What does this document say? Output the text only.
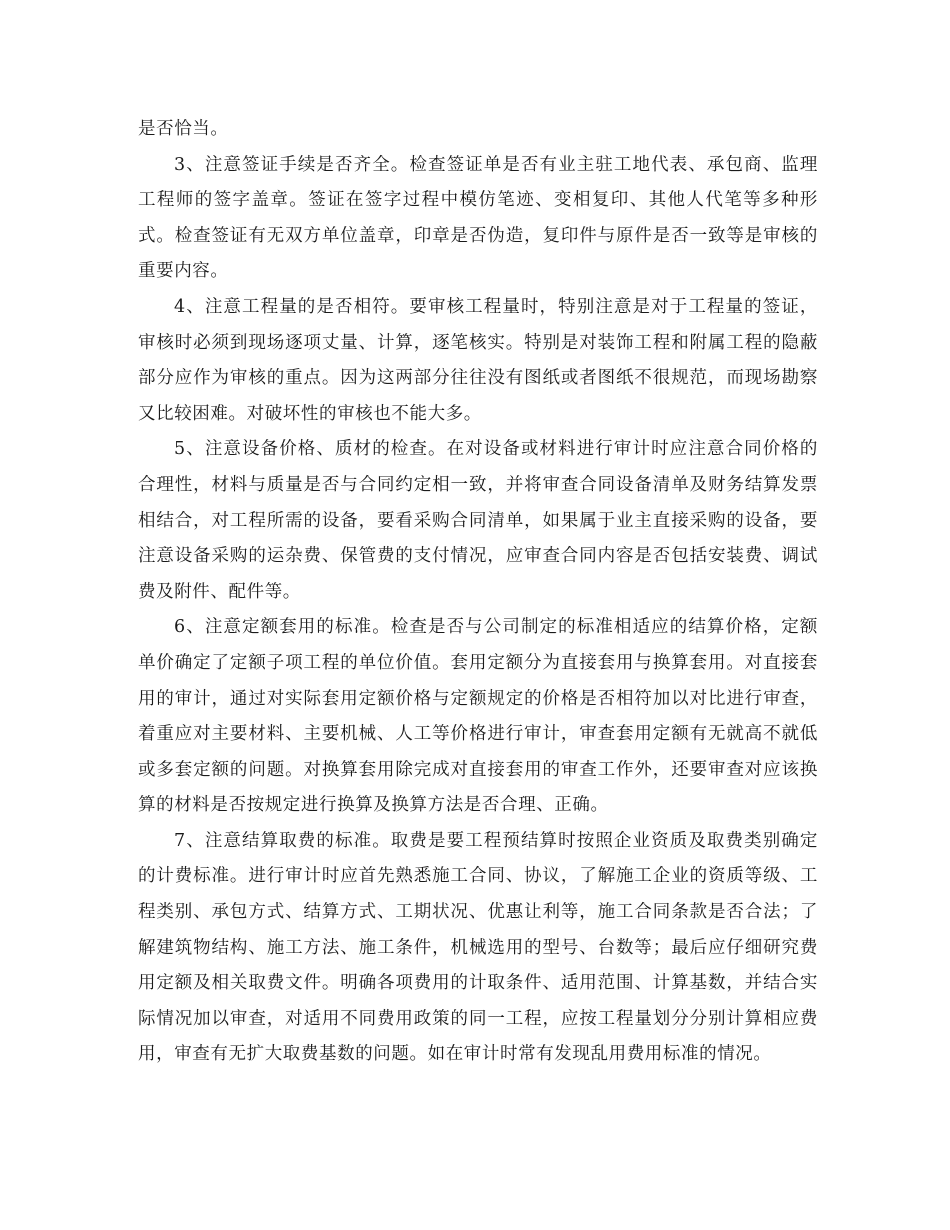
是否恰当。

3、注意签证手续是否齐全。检查签证单是否有业主驻工地代表、承包商、监理工程师的签字盖章。签证在签字过程中模仿笔迹、变相复印、其他人代笔等多种形式。检查签证有无双方单位盖章，印章是否伪造，复印件与原件是否一致等是审核的重要内容。

4、注意工程量的是否相符。要审核工程量时，特别注意是对于工程量的签证，审核时必须到现场逐项丈量、计算，逐笔核实。特别是对装饰工程和附属工程的隐蔽部分应作为审核的重点。因为这两部分往往没有图纸或者图纸不很规范，而现场勘察又比较困难。对破坏性的审核也不能大多。

5、注意设备价格、质材的检查。在对设备或材料进行审计时应注意合同价格的合理性，材料与质量是否与合同约定相一致，并将审查合同设备清单及财务结算发票相结合，对工程所需的设备，要看采购合同清单，如果属于业主直接采购的设备，要注意设备采购的运杂费、保管费的支付情况，应审查合同内容是否包括安装费、调试费及附件、配件等。

6、注意定额套用的标准。检查是否与公司制定的标准相适应的结算价格，定额单价确定了定额子项工程的单位价值。套用定额分为直接套用与换算套用。对直接套用的审计，通过对实际套用定额价格与定额规定的价格是否相符加以对比进行审查，着重应对主要材料、主要机械、人工等价格进行审计，审查套用定额有无就高不就低或多套定额的问题。对换算套用除完成对直接套用的审查工作外，还要审查对应该换算的材料是否按规定进行换算及换算方法是否合理、正确。

7、注意结算取费的标准。取费是要工程预结算时按照企业资质及取费类别确定的计费标准。进行审计时应首先熟悉施工合同、协议，了解施工企业的资质等级、工程类别、承包方式、结算方式、工期状况、优惠让利等，施工合同条款是否合法；了解建筑物结构、施工方法、施工条件，机械选用的型号、台数等；最后应仔细研究费用定额及相关取费文件。明确各项费用的计取条件、适用范围、计算基数，并结合实际情况加以审查，对适用不同费用政策的同一工程，应按工程量划分分别计算相应费用，审查有无扩大取费基数的问题。如在审计时常有发现乱用费用标准的情况。
